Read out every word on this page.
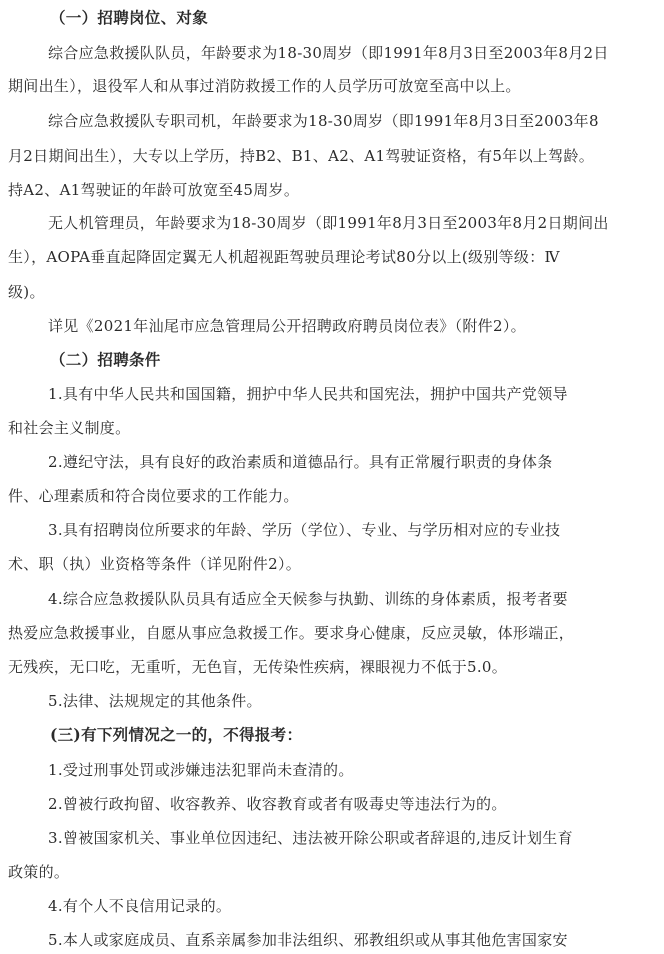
（一）招聘岗位、对象
综合应急救援队队员，年龄要求为18-30周岁（即1991年8月3日至2003年8月2日
期间出生），退役军人和从事过消防救援工作的人员学历可放宽至高中以上。
综合应急救援队专职司机，年龄要求为18-30周岁（即1991年8月3日至2003年8
月2日期间出生），大专以上学历，持B2、B1、A2、A1驾驶证资格，有5年以上驾龄。
持A2、A1驾驶证的年龄可放宽至45周岁。
无人机管理员，年龄要求为18-30周岁（即1991年8月3日至2003年8月2日期间出
生），AOPA垂直起降固定翼无人机超视距驾驶员理论考试80分以上(级别等级：Ⅳ
级)。
详见《2021年汕尾市应急管理局公开招聘政府聘员岗位表》（附件2）。
（二）招聘条件
1.具有中华人民共和国国籍，拥护中华人民共和国宪法，拥护中国共产党领导
和社会主义制度。
2.遵纪守法，具有良好的政治素质和道德品行。具有正常履行职责的身体条
件、心理素质和符合岗位要求的工作能力。
3.具有招聘岗位所要求的年龄、学历（学位）、专业、与学历相对应的专业技
术、职（执）业资格等条件（详见附件2）。
4.综合应急救援队队员具有适应全天候参与执勤、训练的身体素质，报考者要
热爱应急救援事业，自愿从事应急救援工作。要求身心健康，反应灵敏，体形端正，
无残疾，无口吃，无重听，无色盲，无传染性疾病，裸眼视力不低于5.0。
5.法律、法规规定的其他条件。
(三)有下列情况之一的，不得报考：
1.受过刑事处罚或涉嫌违法犯罪尚未查清的。
2.曾被行政拘留、收容教养、收容教育或者有吸毒史等违法行为的。
3.曾被国家机关、事业单位因违纪、违法被开除公职或者辞退的,违反计划生育
政策的。
4.有个人不良信用记录的。
5.本人或家庭成员、直系亲属参加非法组织、邪教组织或从事其他危害国家安
